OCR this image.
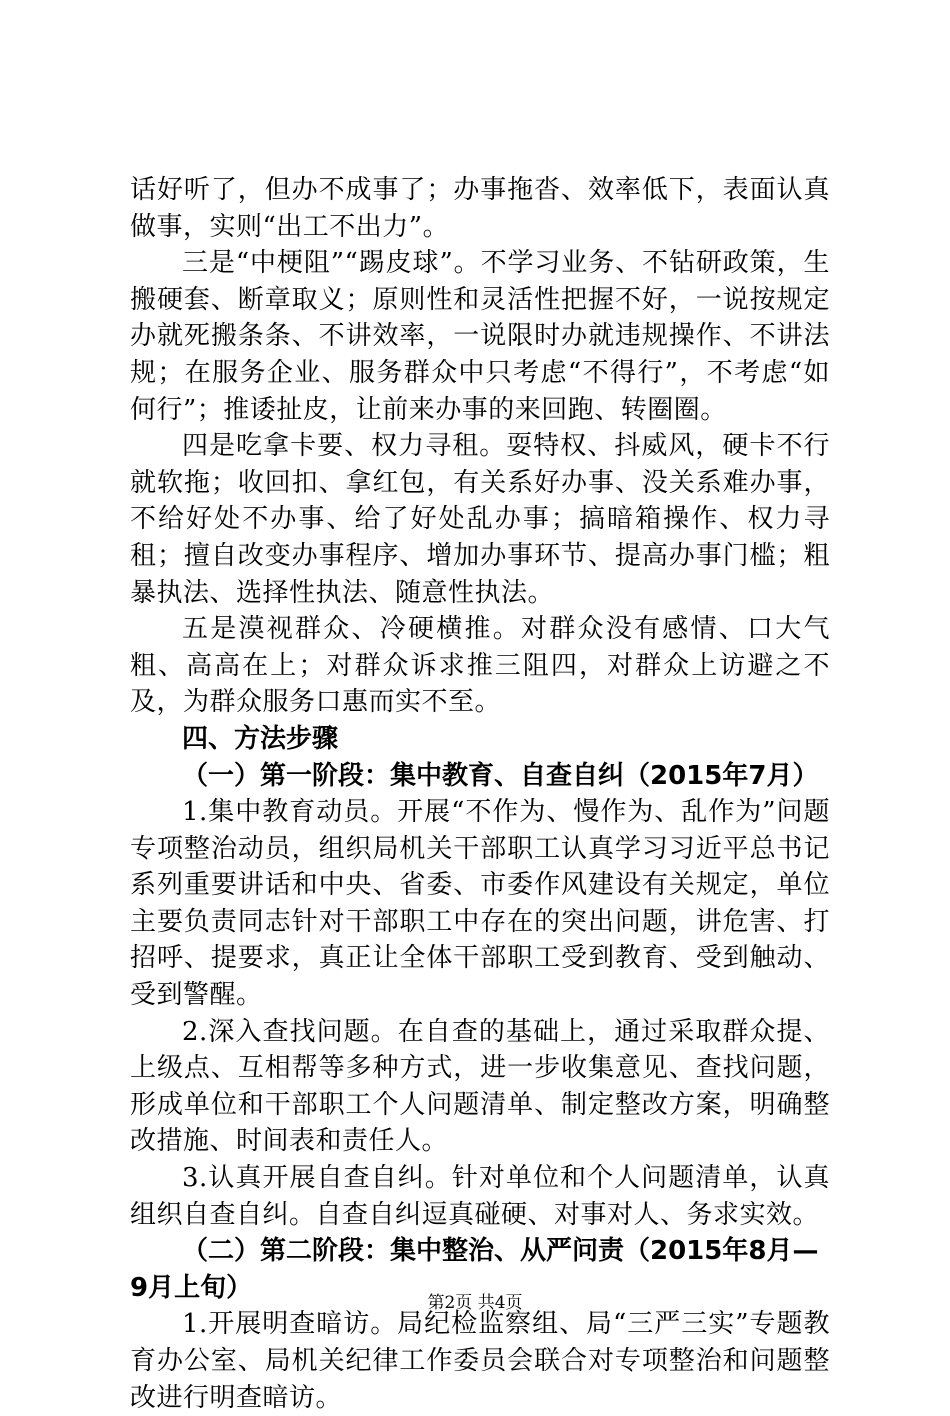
话好听了，但办不成事了；办事拖沓、效率低下，表面认真做事，实则“出工不出力”。

三是“中梗阻”“踢皮球”。不学习业务、不钻研政策，生搬硬套、断章取义；原则性和灵活性把握不好，一说按规定办就死搬条条、不讲效率，一说限时办就违规操作、不讲法规；在服务企业、服务群众中只考虑“不得行”，不考虑“如何行”；推诿扯皮，让前来办事的来回跑、转圈圈。

四是吃拿卡要、权力寻租。耍特权、抖威风，硬卡不行就软拖；收回扣、拿红包，有关系好办事、没关系难办事，不给好处不办事、给了好处乱办事；搞暗箱操作、权力寻租；擅自改变办事程序、增加办事环节、提高办事门槛；粗暴执法、选择性执法、随意性执法。

五是漠视群众、冷硬横推。对群众没有感情、口大气粗、高高在上；对群众诉求推三阻四，对群众上访避之不及，为群众服务口惠而实不至。

四、方法步骤

（一）第一阶段：集中教育、自查自纠（2015年7月）

1.集中教育动员。开展“不作为、慢作为、乱作为”问题专项整治动员，组织局机关干部职工认真学习习近平总书记系列重要讲话和中央、省委、市委作风建设有关规定，单位主要负责同志针对干部职工中存在的突出问题，讲危害、打招呼、提要求，真正让全体干部职工受到教育、受到触动、受到警醒。

2.深入查找问题。在自查的基础上，通过采取群众提、上级点、互相帮等多种方式，进一步收集意见、查找问题，形成单位和干部职工个人问题清单、制定整改方案，明确整改措施、时间表和责任人。

3.认真开展自查自纠。针对单位和个人问题清单，认真组织自查自纠。自查自纠逗真碰硬、对事对人、务求实效。

（二）第二阶段：集中整治、从严问责（2015年8月—9月上旬）

1.开展明查暗访。局纪检监察组、局“三严三实”专题教育办公室、局机关纪律工作委员会联合对专项整治和问题整改进行明查暗访。

第2页 共4页
